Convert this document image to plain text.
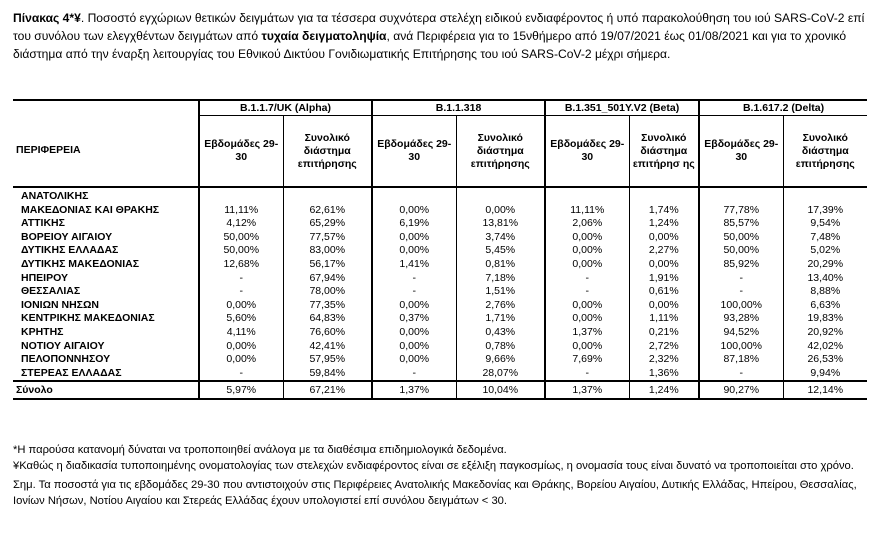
Πίνακας 4*¥. Ποσοστό εγχώριων θετικών δειγμάτων για τα τέσσερα συχνότερα στελέχη ειδικού ενδιαφέροντος ή υπό παρακολούθηση του ιού SARS-CoV-2 επί του συνόλου των ελεγχθέντων δειγμάτων από τυχαία δειγματοληψία, ανά Περιφέρεια για το 15νθήμερο από 19/07/2021 έως 01/08/2021 και για το χρονικό διάστημα από την έναρξη λειτουργίας του Εθνικού Δικτύου Γονιδιωματικής Επιτήρησης του ιού SARS-CoV-2 μέχρι σήμερα.
	B.1.1.7/UK (Alpha)		B.1.1.318		B.1.351_501Y.V2 (Beta)		B.1.617.2 (Delta)	
ΠΕΡΙΦΕΡΕΙΑ	Εβδομάδες 29-30	Συνολικό διάστημα επιτήρησης	Εβδομάδες 29-30	Συνολικό διάστημα επιτήρησης	Εβδομάδες 29-30	Συνολικό διάστημα επιτήρησ ης	Εβδομάδες 29-30	Συνολικό διάστημα επιτήρησης
ΑΝΑΤΟΛΙΚΗΣ								
ΜΑΚΕΔΟΝΙΑΣ ΚΑΙ ΘΡΑΚΗΣ	11,11%	62,61%	0,00%	0,00%	11,11%	1,74%	77,78%	17,39%
ΑΤΤΙΚΗΣ	4,12%	65,29%	6,19%	13,81%	2,06%	1,24%	85,57%	9,54%
ΒΟΡΕΙΟΥ ΑΙΓΑΙΟΥ	50,00%	77,57%	0,00%	3,74%	0,00%	0,00%	50,00%	7,48%
ΔΥΤΙΚΗΣ ΕΛΛΑΔΑΣ	50,00%	83,00%	0,00%	5,45%	0,00%	2,27%	50,00%	5,02%
ΔΥΤΙΚΗΣ ΜΑΚΕΔΟΝΙΑΣ	12,68%	56,17%	1,41%	0,81%	0,00%	0,00%	85,92%	20,29%
ΗΠΕΙΡΟΥ	-	67,94%	-	7,18%	-	1,91%	-	13,40%
ΘΕΣΣΑΛΙΑΣ	-	78,00%	-	1,51%	-	0,61%	-	8,88%
ΙΟΝΙΩΝ ΝΗΣΩΝ	0,00%	77,35%	0,00%	2,76%	0,00%	0,00%	100,00%	6,63%
ΚΕΝΤΡΙΚΗΣ ΜΑΚΕΔΟΝΙΑΣ	5,60%	64,83%	0,37%	1,71%	0,00%	1,11%	93,28%	19,83%
ΚΡΗΤΗΣ	4,11%	76,60%	0,00%	0,43%	1,37%	0,21%	94,52%	20,92%
ΝΟΤΙΟΥ ΑΙΓΑΙΟΥ	0,00%	42,41%	0,00%	0,78%	0,00%	2,72%	100,00%	42,02%
ΠΕΛΟΠΟΝΝΗΣΟΥ	0,00%	57,95%	0,00%	9,66%	7,69%	2,32%	87,18%	26,53%
ΣΤΕΡΕΑΣ ΕΛΛΑΔΑΣ	-	59,84%	-	28,07%	-	1,36%	-	9,94%
Σύνολο	5,97%	67,21%	1,37%	10,04%	1,37%	1,24%	90,27%	12,14%
*Η παρούσα κατανομή δύναται να τροποποιηθεί ανάλογα με τα διαθέσιμα επιδημιολογικά δεδομένα.
¥Καθώς η διαδικασία τυποποιημένης ονοματολογίας των στελεχών ενδιαφέροντος είναι σε εξέλιξη παγκοσμίως, η ονομασία τους είναι δυνατό να τροποποιείται στο χρόνο.
Σημ. Τα ποσοστά για τις εβδομάδες 29-30 που αντιστοιχούν στις Περιφέρειες Ανατολικής Μακεδονίας και Θράκης, Βορείου Αιγαίου, Δυτικής Ελλάδας, Ηπείρου, Θεσσαλίας, Ιονίων Νήσων, Νοτίου Αιγαίου και Στερεάς Ελλάδας έχουν υπολογιστεί επί συνόλου δειγμάτων < 30.
